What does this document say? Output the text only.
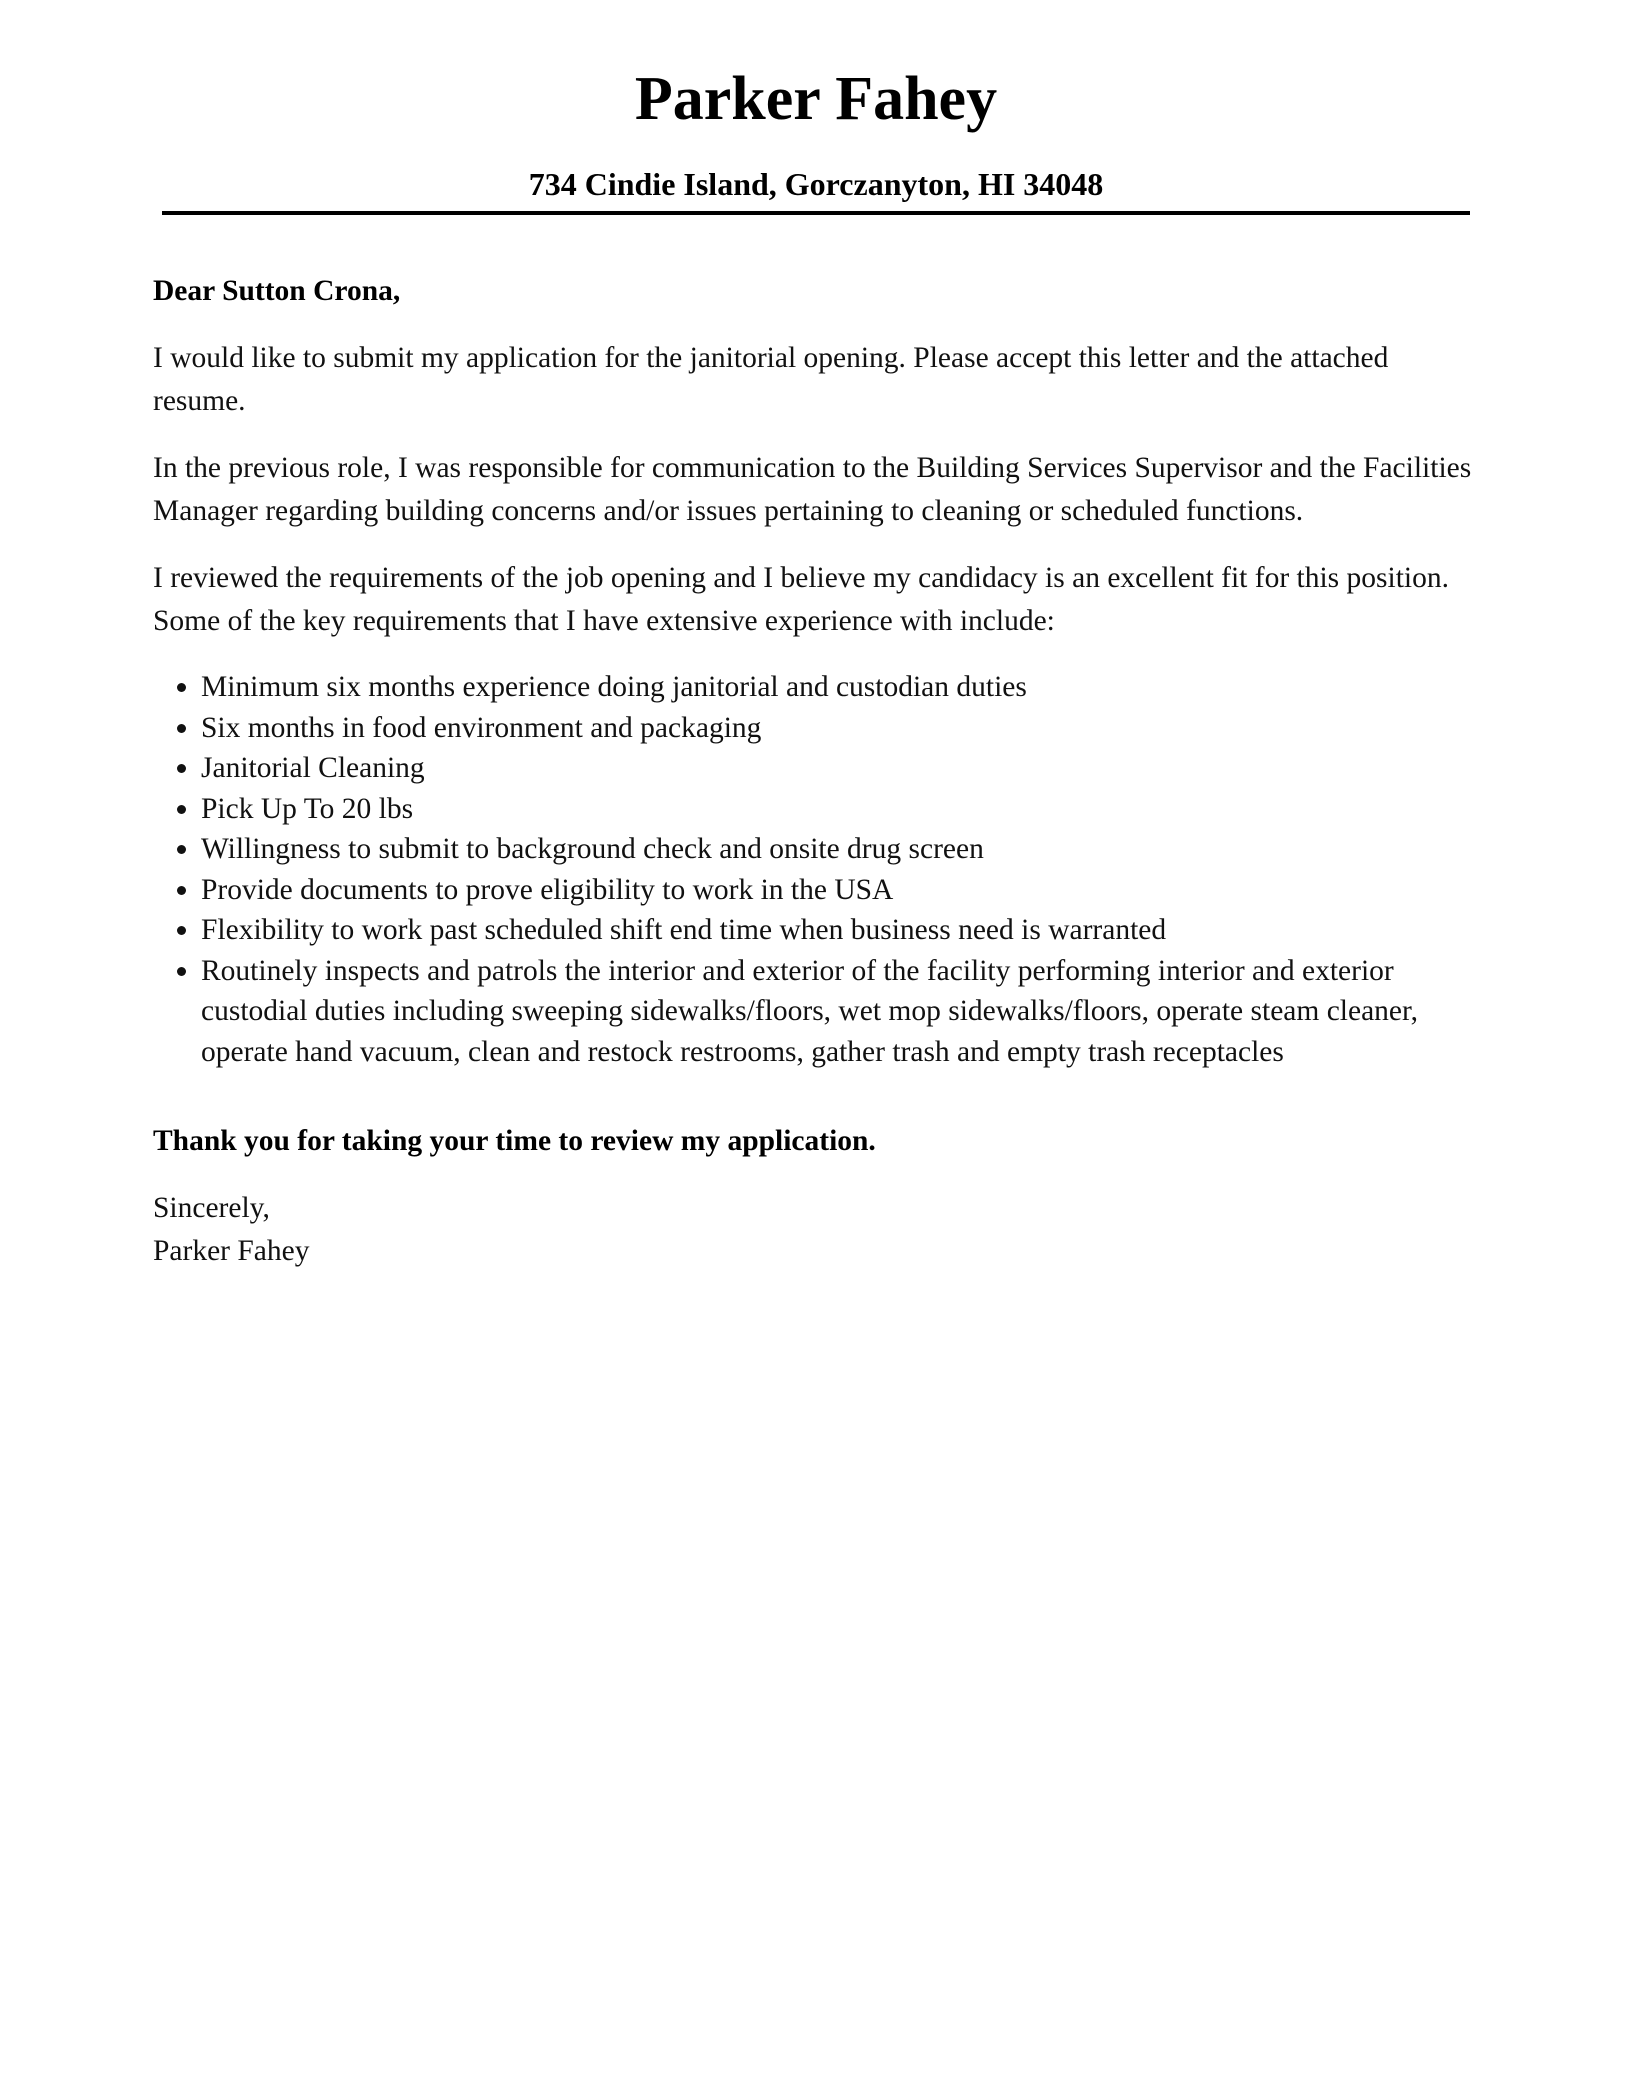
Parker Fahey
734 Cindie Island, Gorczanyton, HI 34048

Dear Sutton Crona,

I would like to submit my application for the janitorial opening. Please accept this letter and the attached resume.

In the previous role, I was responsible for communication to the Building Services Supervisor and the Facilities Manager regarding building concerns and/or issues pertaining to cleaning or scheduled functions.

I reviewed the requirements of the job opening and I believe my candidacy is an excellent fit for this position. Some of the key requirements that I have extensive experience with include:

Minimum six months experience doing janitorial and custodian duties
Six months in food environment and packaging
Janitorial Cleaning
Pick Up To 20 lbs
Willingness to submit to background check and onsite drug screen
Provide documents to prove eligibility to work in the USA
Flexibility to work past scheduled shift end time when business need is warranted
Routinely inspects and patrols the interior and exterior of the facility performing interior and exterior custodial duties including sweeping sidewalks/floors, wet mop sidewalks/floors, operate steam cleaner, operate hand vacuum, clean and restock restrooms, gather trash and empty trash receptacles

Thank you for taking your time to review my application.

Sincerely,
Parker Fahey
